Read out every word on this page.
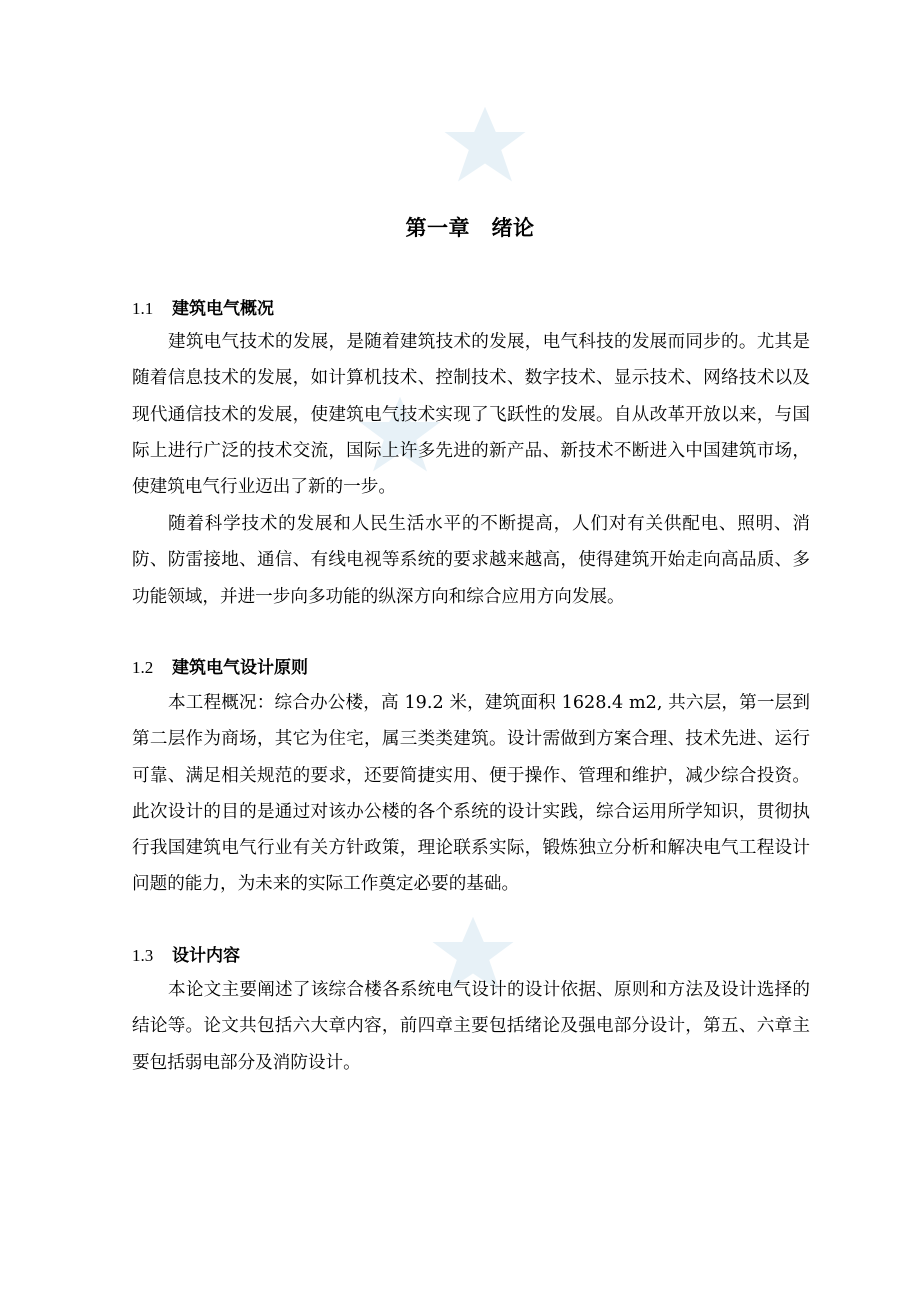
第一章　绪论
1.1 建筑电气概况

建筑电气技术的发展，是随着建筑技术的发展，电气科技的发展而同步的。尤其是随着信息技术的发展，如计算机技术、控制技术、数字技术、显示技术、网络技术以及现代通信技术的发展，使建筑电气技术实现了飞跃性的发展。自从改革开放以来，与国际上进行广泛的技术交流，国际上许多先进的新产品、新技术不断进入中国建筑市场，使建筑电气行业迈出了新的一步。

随着科学技术的发展和人民生活水平的不断提高，人们对有关供配电、照明、消防、防雷接地、通信、有线电视等系统的要求越来越高，使得建筑开始走向高品质、多功能领域，并进一步向多功能的纵深方向和综合应用方向发展。

1.2 建筑电气设计原则

本工程概况：综合办公楼，高 19.2 米，建筑面积 1628.4 m2, 共六层，第一层到第二层作为商场，其它为住宅，属三类类建筑。设计需做到方案合理、技术先进、运行可靠、满足相关规范的要求，还要简捷实用、便于操作、管理和维护，减少综合投资。此次设计的目的是通过对该办公楼的各个系统的设计实践，综合运用所学知识，贯彻执行我国建筑电气行业有关方针政策，理论联系实际，锻炼独立分析和解决电气工程设计问题的能力，为未来的实际工作奠定必要的基础。

1.3 设计内容

本论文主要阐述了该综合楼各系统电气设计的设计依据、原则和方法及设计选择的结论等。论文共包括六大章内容，前四章主要包括绪论及强电部分设计，第五、六章主要包括弱电部分及消防设计。
